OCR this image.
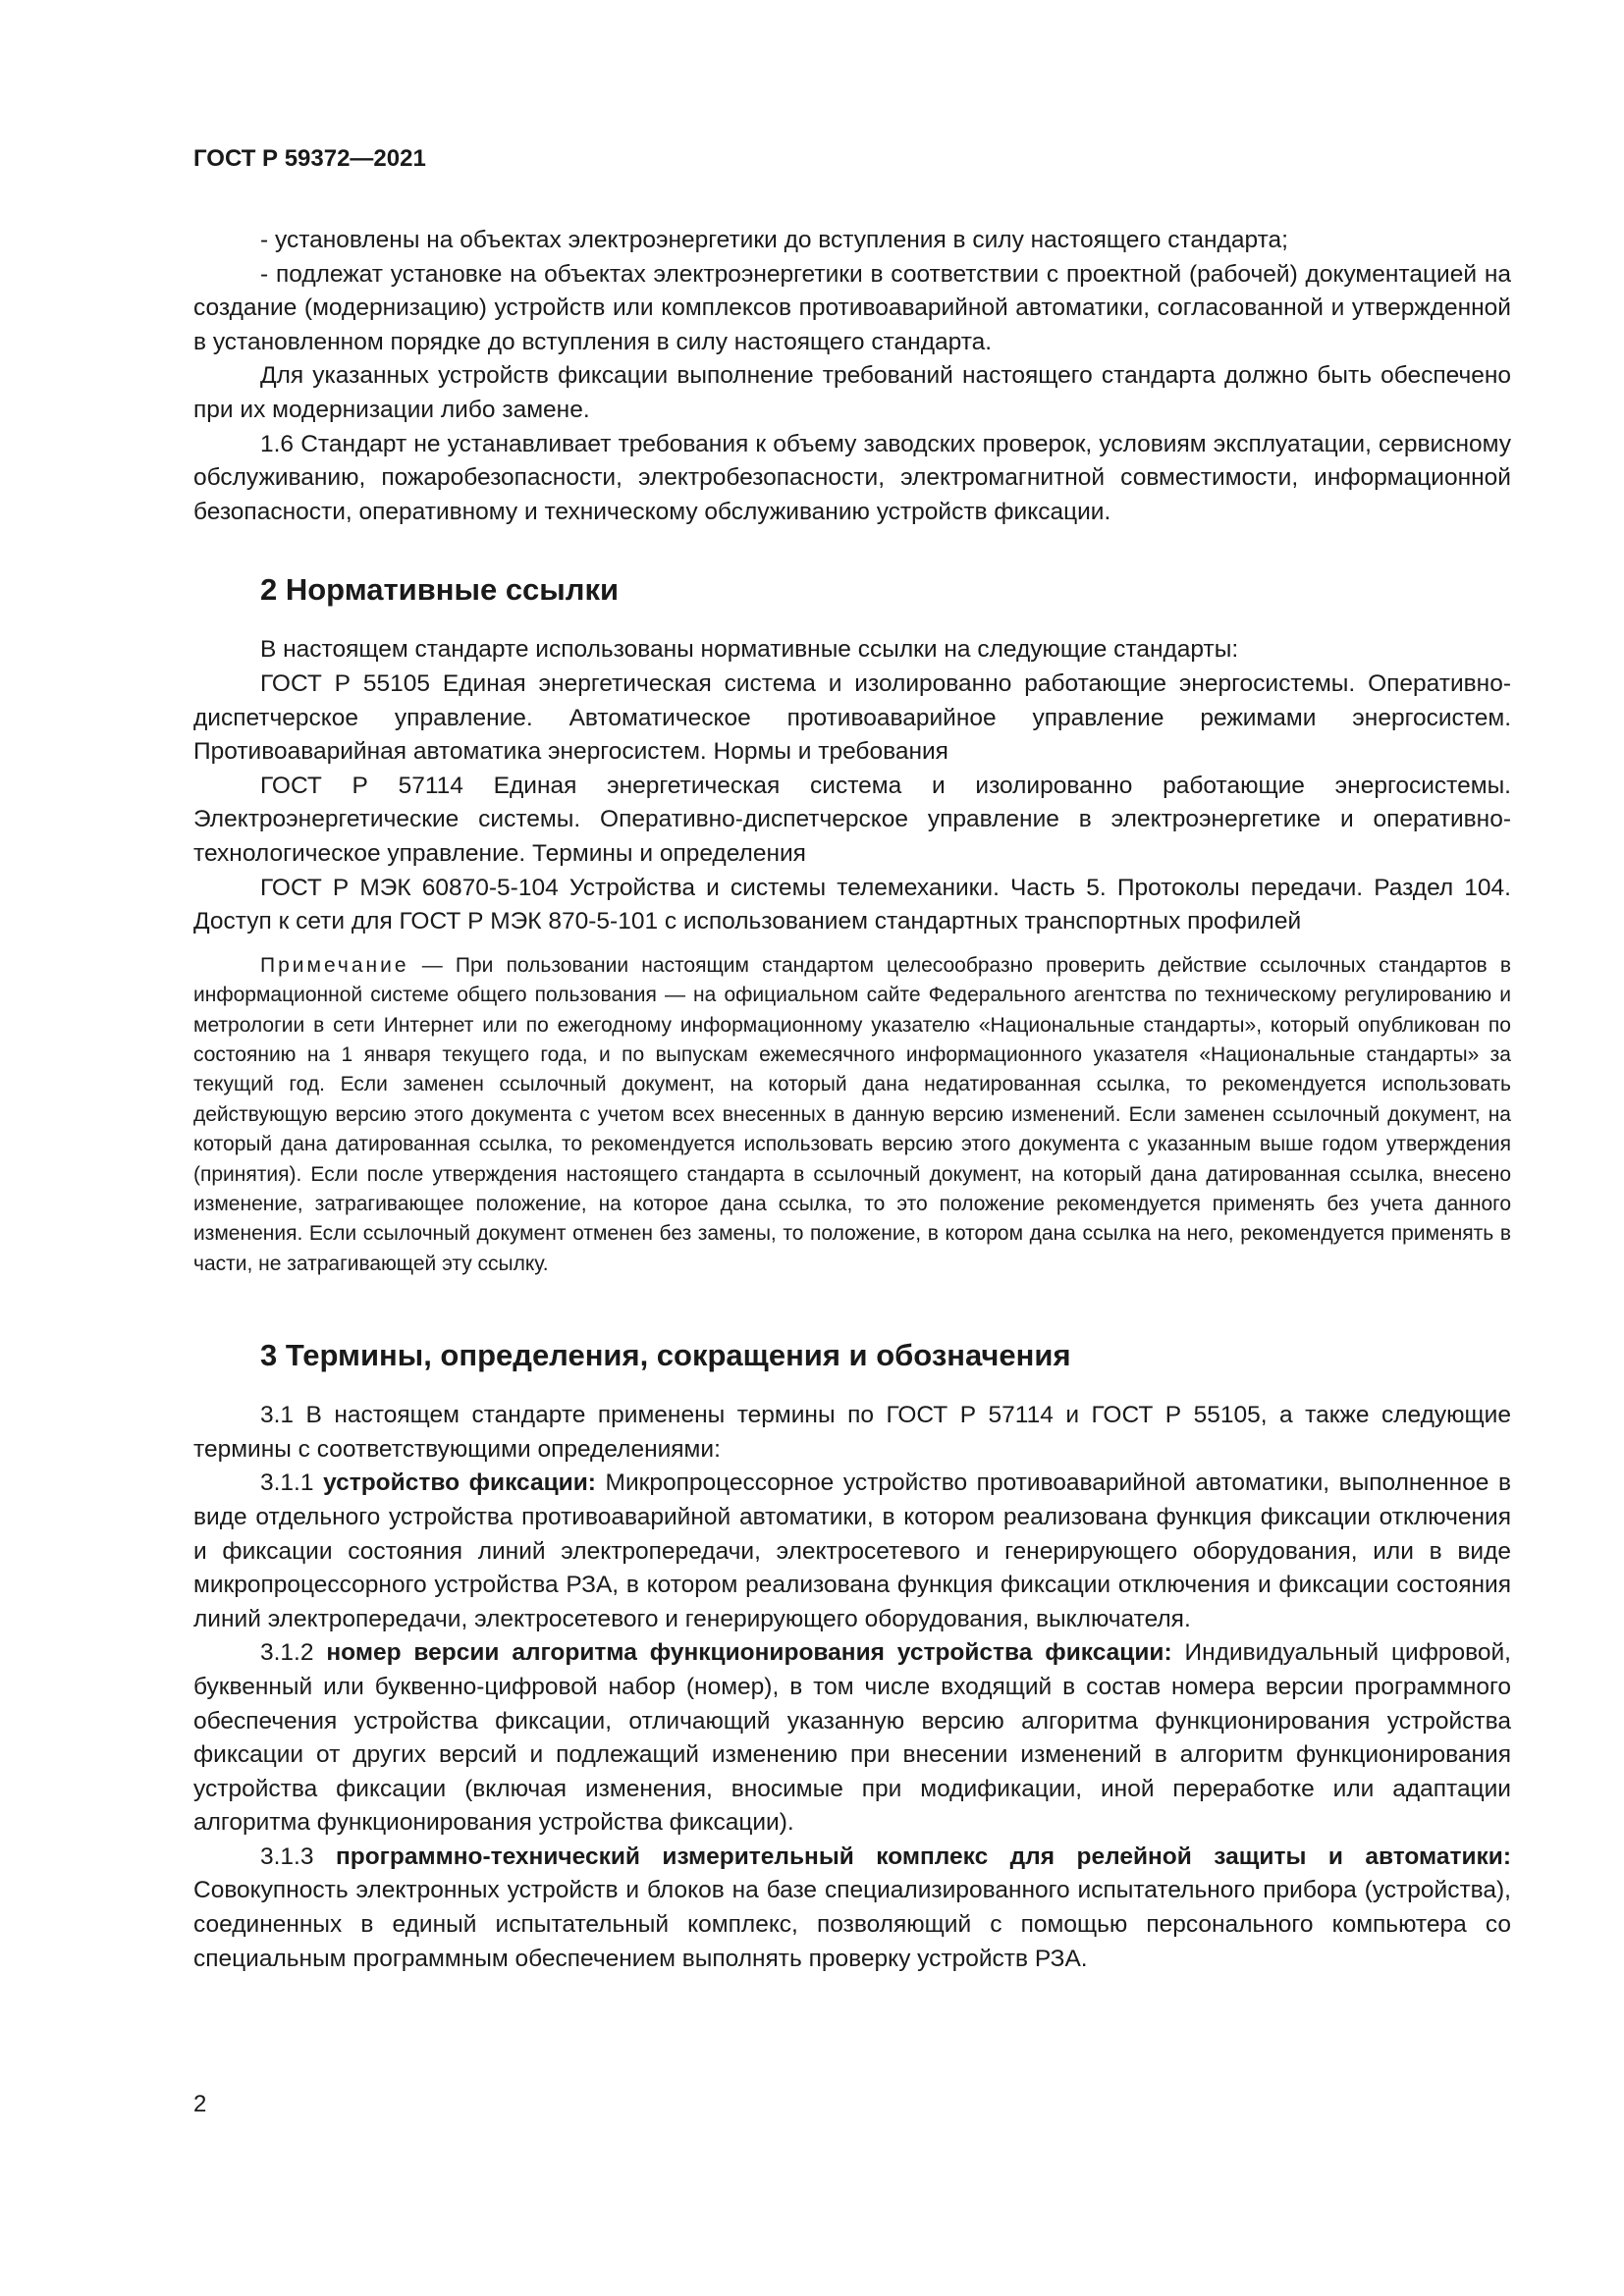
ГОСТ Р 59372—2021

- установлены на объектах электроэнергетики до вступления в силу настоящего стандарта;

- подлежат установке на объектах электроэнергетики в соответствии с проектной (рабочей) документацией на создание (модернизацию) устройств или комплексов противоаварийной автоматики, согласованной и утвержденной в установленном порядке до вступления в силу настоящего стандарта.

Для указанных устройств фиксации выполнение требований настоящего стандарта должно быть обеспечено при их модернизации либо замене.

1.6 Стандарт не устанавливает требования к объему заводских проверок, условиям эксплуатации, сервисному обслуживанию, пожаробезопасности, электробезопасности, электромагнитной совместимости, информационной безопасности, оперативному и техническому обслуживанию устройств фиксации.

2 Нормативные ссылки

В настоящем стандарте использованы нормативные ссылки на следующие стандарты:

ГОСТ Р 55105 Единая энергетическая система и изолированно работающие энергосистемы. Оперативно-диспетчерское управление. Автоматическое противоаварийное управление режимами энергосистем. Противоаварийная автоматика энергосистем. Нормы и требования

ГОСТ Р 57114 Единая энергетическая система и изолированно работающие энергосистемы. Электроэнергетические системы. Оперативно-диспетчерское управление в электроэнергетике и оперативно-технологическое управление. Термины и определения

ГОСТ Р МЭК 60870-5-104 Устройства и системы телемеханики. Часть 5. Протоколы передачи. Раздел 104. Доступ к сети для ГОСТ Р МЭК 870-5-101 с использованием стандартных транспортных профилей

Примечание — При пользовании настоящим стандартом целесообразно проверить действие ссылочных стандартов в информационной системе общего пользования — на официальном сайте Федерального агентства по техническому регулированию и метрологии в сети Интернет или по ежегодному информационному указателю «Национальные стандарты», который опубликован по состоянию на 1 января текущего года, и по выпускам ежемесячного информационного указателя «Национальные стандарты» за текущий год. Если заменен ссылочный документ, на который дана недатированная ссылка, то рекомендуется использовать действующую версию этого документа с учетом всех внесенных в данную версию изменений. Если заменен ссылочный документ, на который дана датированная ссылка, то рекомендуется использовать версию этого документа с указанным выше годом утверждения (принятия). Если после утверждения настоящего стандарта в ссылочный документ, на который дана датированная ссылка, внесено изменение, затрагивающее положение, на которое дана ссылка, то это положение рекомендуется применять без учета данного изменения. Если ссылочный документ отменен без замены, то положение, в котором дана ссылка на него, рекомендуется применять в части, не затрагивающей эту ссылку.
3 Термины, определения, сокращения и обозначения

3.1 В настоящем стандарте применены термины по ГОСТ Р 57114 и ГОСТ Р 55105, а также следующие термины с соответствующими определениями:

3.1.1 устройство фиксации: Микропроцессорное устройство противоаварийной автоматики, выполненное в виде отдельного устройства противоаварийной автоматики, в котором реализована функция фиксации отключения и фиксации состояния линий электропередачи, электросетевого и генерирующего оборудования, или в виде микропроцессорного устройства РЗА, в котором реализована функция фиксации отключения и фиксации состояния линий электропередачи, электросетевого и генерирующего оборудования, выключателя.

3.1.2 номер версии алгоритма функционирования устройства фиксации: Индивидуальный цифровой, буквенный или буквенно-цифровой набор (номер), в том числе входящий в состав номера версии программного обеспечения устройства фиксации, отличающий указанную версию алгоритма функционирования устройства фиксации от других версий и подлежащий изменению при внесении изменений в алгоритм функционирования устройства фиксации (включая изменения, вносимые при модификации, иной переработке или адаптации алгоритма функционирования устройства фиксации).

3.1.3 программно-технический измерительный комплекс для релейной защиты и автоматики: Совокупность электронных устройств и блоков на базе специализированного испытательного прибора (устройства), соединенных в единый испытательный комплекс, позволяющий с помощью персонального компьютера со специальным программным обеспечением выполнять проверку устройств РЗА.

2
